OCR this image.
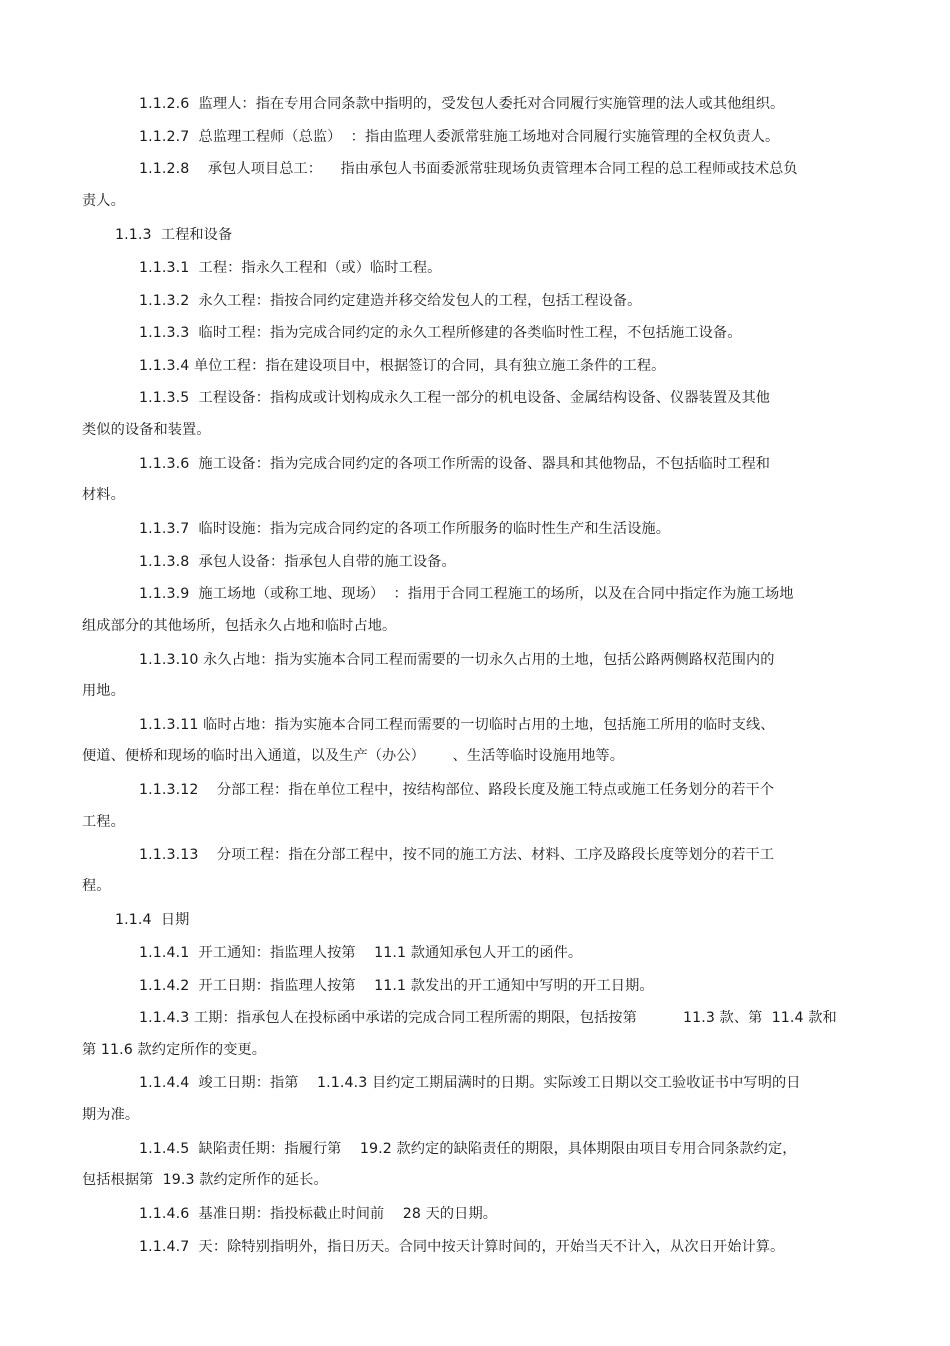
1.1.2.6  监理人：指在专用合同条款中指明的，受发包人委托对合同履行实施管理的法人或其他组织。
1.1.2.7  总监理工程师（总监）  ：指由监理人委派常驻施工场地对合同履行实施管理的全权负责人。
1.1.2.8    承包人项目总工：    指由承包人书面委派常驻现场负责管理本合同工程的总工程师或技术总负
责人。
1.1.3  工程和设备
1.1.3.1  工程：指永久工程和（或）临时工程。
1.1.3.2  永久工程：指按合同约定建造并移交给发包人的工程，包括工程设备。
1.1.3.3  临时工程：指为完成合同约定的永久工程所修建的各类临时性工程，不包括施工设备。
1.1.3.4 单位工程：指在建设项目中，根据签订的合同，具有独立施工条件的工程。
1.1.3.5  工程设备：指构成或计划构成永久工程一部分的机电设备、金属结构设备、仪器装置及其他
类似的设备和装置。
1.1.3.6  施工设备：指为完成合同约定的各项工作所需的设备、器具和其他物品，不包括临时工程和
材料。
1.1.3.7  临时设施：指为完成合同约定的各项工作所服务的临时性生产和生活设施。
1.1.3.8  承包人设备：指承包人自带的施工设备。
1.1.3.9  施工场地（或称工地、现场）  ：指用于合同工程施工的场所，以及在合同中指定作为施工场地
组成部分的其他场所，包括永久占地和临时占地。
1.1.3.10 永久占地：指为实施本合同工程而需要的一切永久占用的土地，包括公路两侧路权范围内的
用地。
1.1.3.11 临时占地：指为实施本合同工程而需要的一切临时占用的土地，包括施工所用的临时支线、
便道、便桥和现场的临时出入通道，以及生产（办公）      、生活等临时设施用地等。
1.1.3.12    分部工程：指在单位工程中，按结构部位、路段长度及施工特点或施工任务划分的若干个
工程。
1.1.3.13    分项工程：指在分部工程中，按不同的施工方法、材料、工序及路段长度等划分的若干工
程。
1.1.4  日期
1.1.4.1  开工通知：指监理人按第    11.1 款通知承包人开工的函件。
1.1.4.2  开工日期：指监理人按第    11.1 款发出的开工通知中写明的开工日期。
1.1.4.3 工期：指承包人在投标函中承诺的完成合同工程所需的期限，包括按第          11.3 款、第  11.4 款和
第 11.6 款约定所作的变更。
1.1.4.4  竣工日期：指第    1.1.4.3 目约定工期届满时的日期。实际竣工日期以交工验收证书中写明的日
期为准。
1.1.4.5  缺陷责任期：指履行第    19.2 款约定的缺陷责任的期限，具体期限由项目专用合同条款约定，
包括根据第  19.3 款约定所作的延长。
1.1.4.6  基准日期：指投标截止时间前    28 天的日期。
1.1.4.7  天：除特别指明外，指日历天。合同中按天计算时间的，开始当天不计入，从次日开始计算。
